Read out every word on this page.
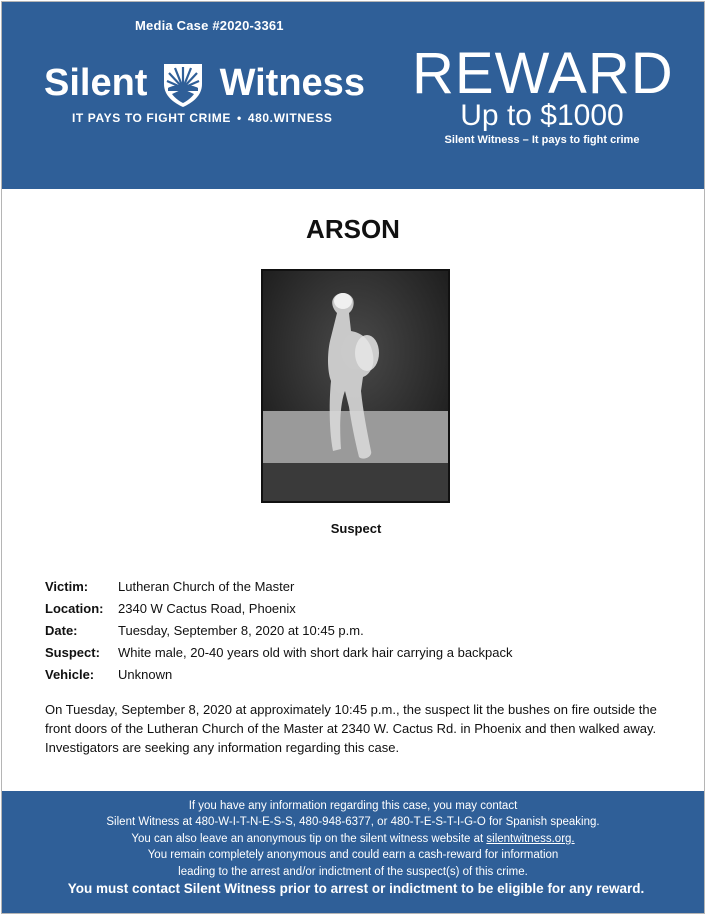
Media Case #2020-3361
Silent Witness
IT PAYS TO FIGHT CRIME • 480.WITNESS
REWARD
Up to $1000
Silent Witness – It pays to fight crime
ARSON
Suspect
Victim: Lutheran Church of the Master
Location: 2340 W Cactus Road, Phoenix
Date:	Tuesday, September 8, 2020 at 10:45 p.m.
Suspect: White male, 20-40 years old with short dark hair carrying a backpack
Vehicle: Unknown
On Tuesday, September 8, 2020 at approximately 10:45 p.m., the suspect lit the bushes on fire outside the front doors of the Lutheran Church of the Master at 2340 W. Cactus Rd. in Phoenix and then walked away. Investigators are seeking any information regarding this case.
If you have any information regarding this case, you may contact
Silent Witness at 480-W-I-T-N-E-S-S, 480-948-6377, or 480-T-E-S-T-I-G-O for Spanish speaking.
You can also leave an anonymous tip on the silent witness website at silentwitness.org.
You remain completely anonymous and could earn a cash-reward for information
leading to the arrest and/or indictment of the suspect(s) of this crime.
You must contact Silent Witness prior to arrest or indictment to be eligible for any reward.
